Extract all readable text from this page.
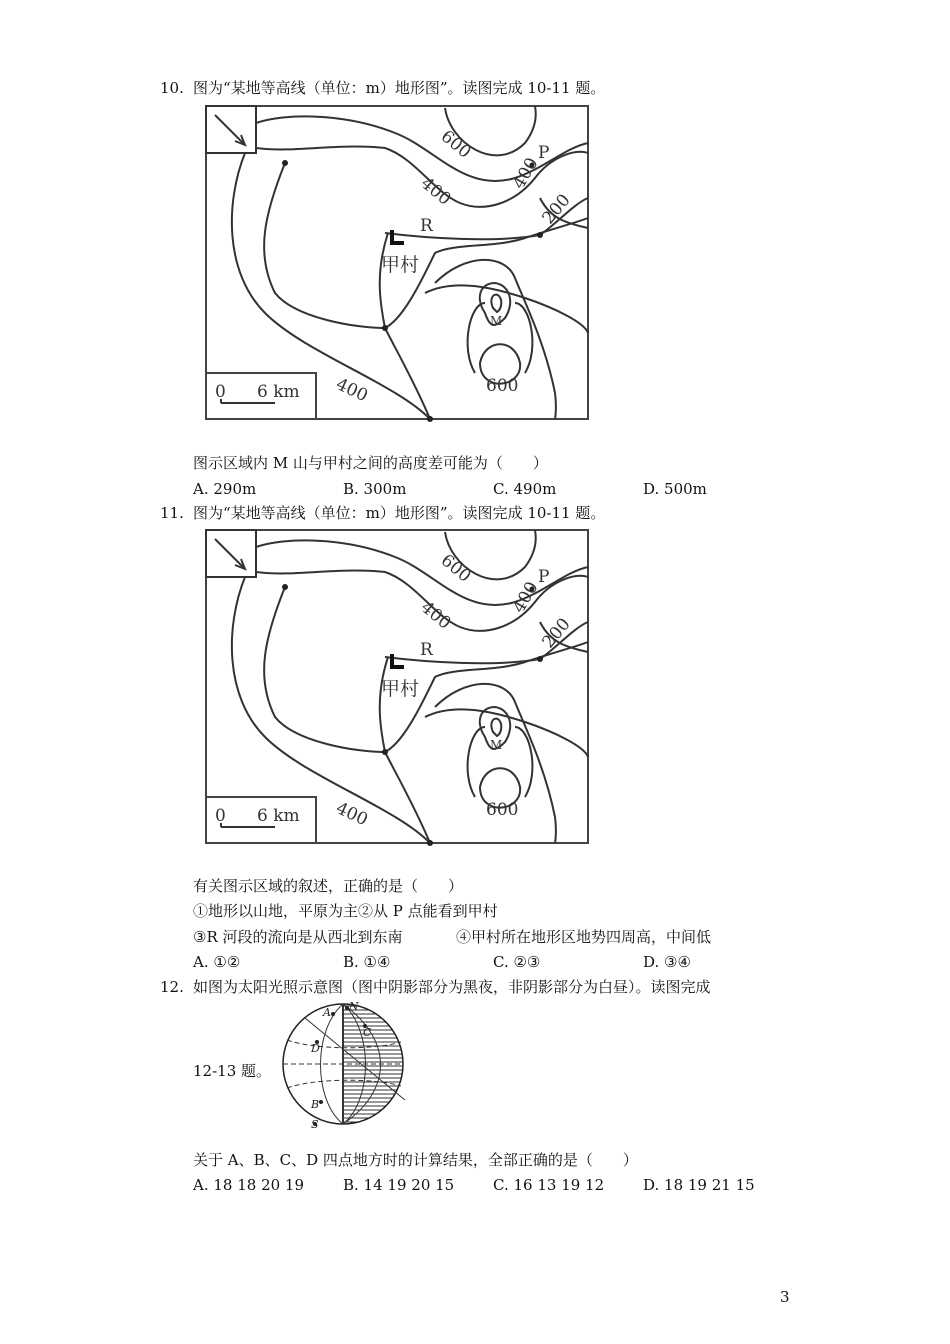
10. 图为“某地等高线（单位：m）地形图”。读图完成 10-11 题。
600
400	400
200
400	600
P
R
甲村
M
0 6 km
图示区域内 M 山与甲村之间的高度差可能为（　　）
A. 290m	B. 300m	C. 490m	D. 500m
11. 图为“某地等高线（单位：m）地形图”。读图完成 10-11 题。
600
400	400
200
400	600
P
R
甲村
M
0 6 km
有关图示区域的叙述，正确的是（　　）
①地形以山地，平原为主②从 P 点能看到甲村
③R 河段的流向是从西北到东南	④甲村所在地形区地势四周高，中间低
A. ①②	B. ①④	C. ②③	D. ③④
12. 如图为太阳光照示意图（图中阴影部分为黑夜，非阴影部分为白昼）。读图完成
N
S
A
C
D
B
12-13 题。
关于 A、B、C、D 四点地方时的计算结果，全部正确的是（　　）
A. 18 18 20 19	B. 14 19 20 15	C. 16 13 19 12	D. 18 19 21 15
3
